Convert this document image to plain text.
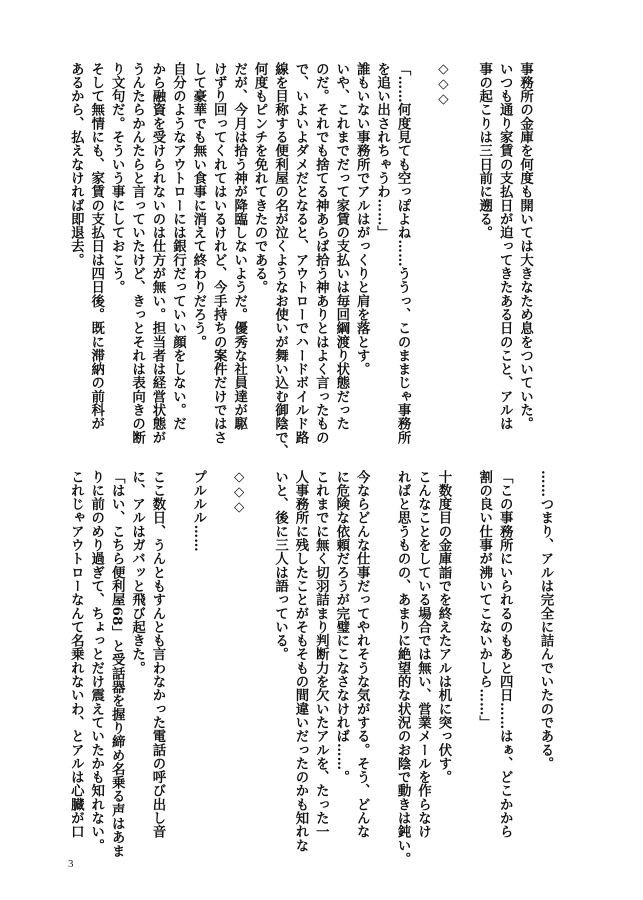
事務所の金庫を何度も開いては大きなため息をついていた。
いつも通り家賃の支払日が迫ってきたある日のこと、アルは
事の起こりは三日前に遡る。
◇◇◇
「……何度見ても空っぽよね……ううっ、このままじゃ事務所
を追い出されちゃうわ……」
誰もいない事務所でアルはがっくりと肩を落とす。
いや、これまでだって家賃の支払いは毎回綱渡り状態だった
のだ。それでも捨てる神あらば拾う神ありとはよく言ったもの
で、いよいよダメだとなると、アウトローでハードボイルド路
線を目称する便利屋の名が泣くようなお使いが舞い込む御陰で、
何度もピンチを免れてきたのである。
だが、今月は拾う神が降臨しないようだ。優秀な社員達が駆
けずり回ってくれてはいるけれど、今手持ちの案件だけではさ
して豪華でも無い食事に消えて終わりだろう。
自分のようなアウトローには銀行だっていい顔をしない。だ
から融資を受けられないのは仕方が無い。担当者は経営状態が
うんたらかんたらと言っていたけど、きっとそれは表向きの断
り文句だ。そういう事にしておこう。
そして無情にも、家賃の支払日は四日後。既に滞納の前科が
あるから、払えなければ即退去。
……つまり、アルは完全に詰んでいたのである。
「この事務所にいられるのもあと四日……はぁ、どこかから
割の良い仕事が沸いてこないかしら……」
十数度目の金庫詣でを終えたアルは机に突っ伏す。
こんなことをしている場合では無い、営業メールを作らなけ
ればと思うものの、あまりに絶望的な状況のお陰で動きは鈍い。
今ならどんな仕事だってやれそうな気がする。そう、どんな
に危険な依頼だろうが完璧にこなさなければ……。
これまでに無く切羽詰まり判断力を欠いたアルを、たった一
人事務所に残したことがそもそもの間違いだったのかも知れな
いと、後に三人は語っている。
◇◇◇
プルルル……
ここ数日、うんともすんとも言わなかった電話の呼び出し音
に、アルはガバッと飛び起きた。
「はい、こちら便利屋68」と受話器を握り締め名乗る声はあま
りに前のめり過ぎて、ちょっとだけ震えていたかも知れない。
これじゃアウトローなんて名乗れないわ、とアルは心臓が口
3
